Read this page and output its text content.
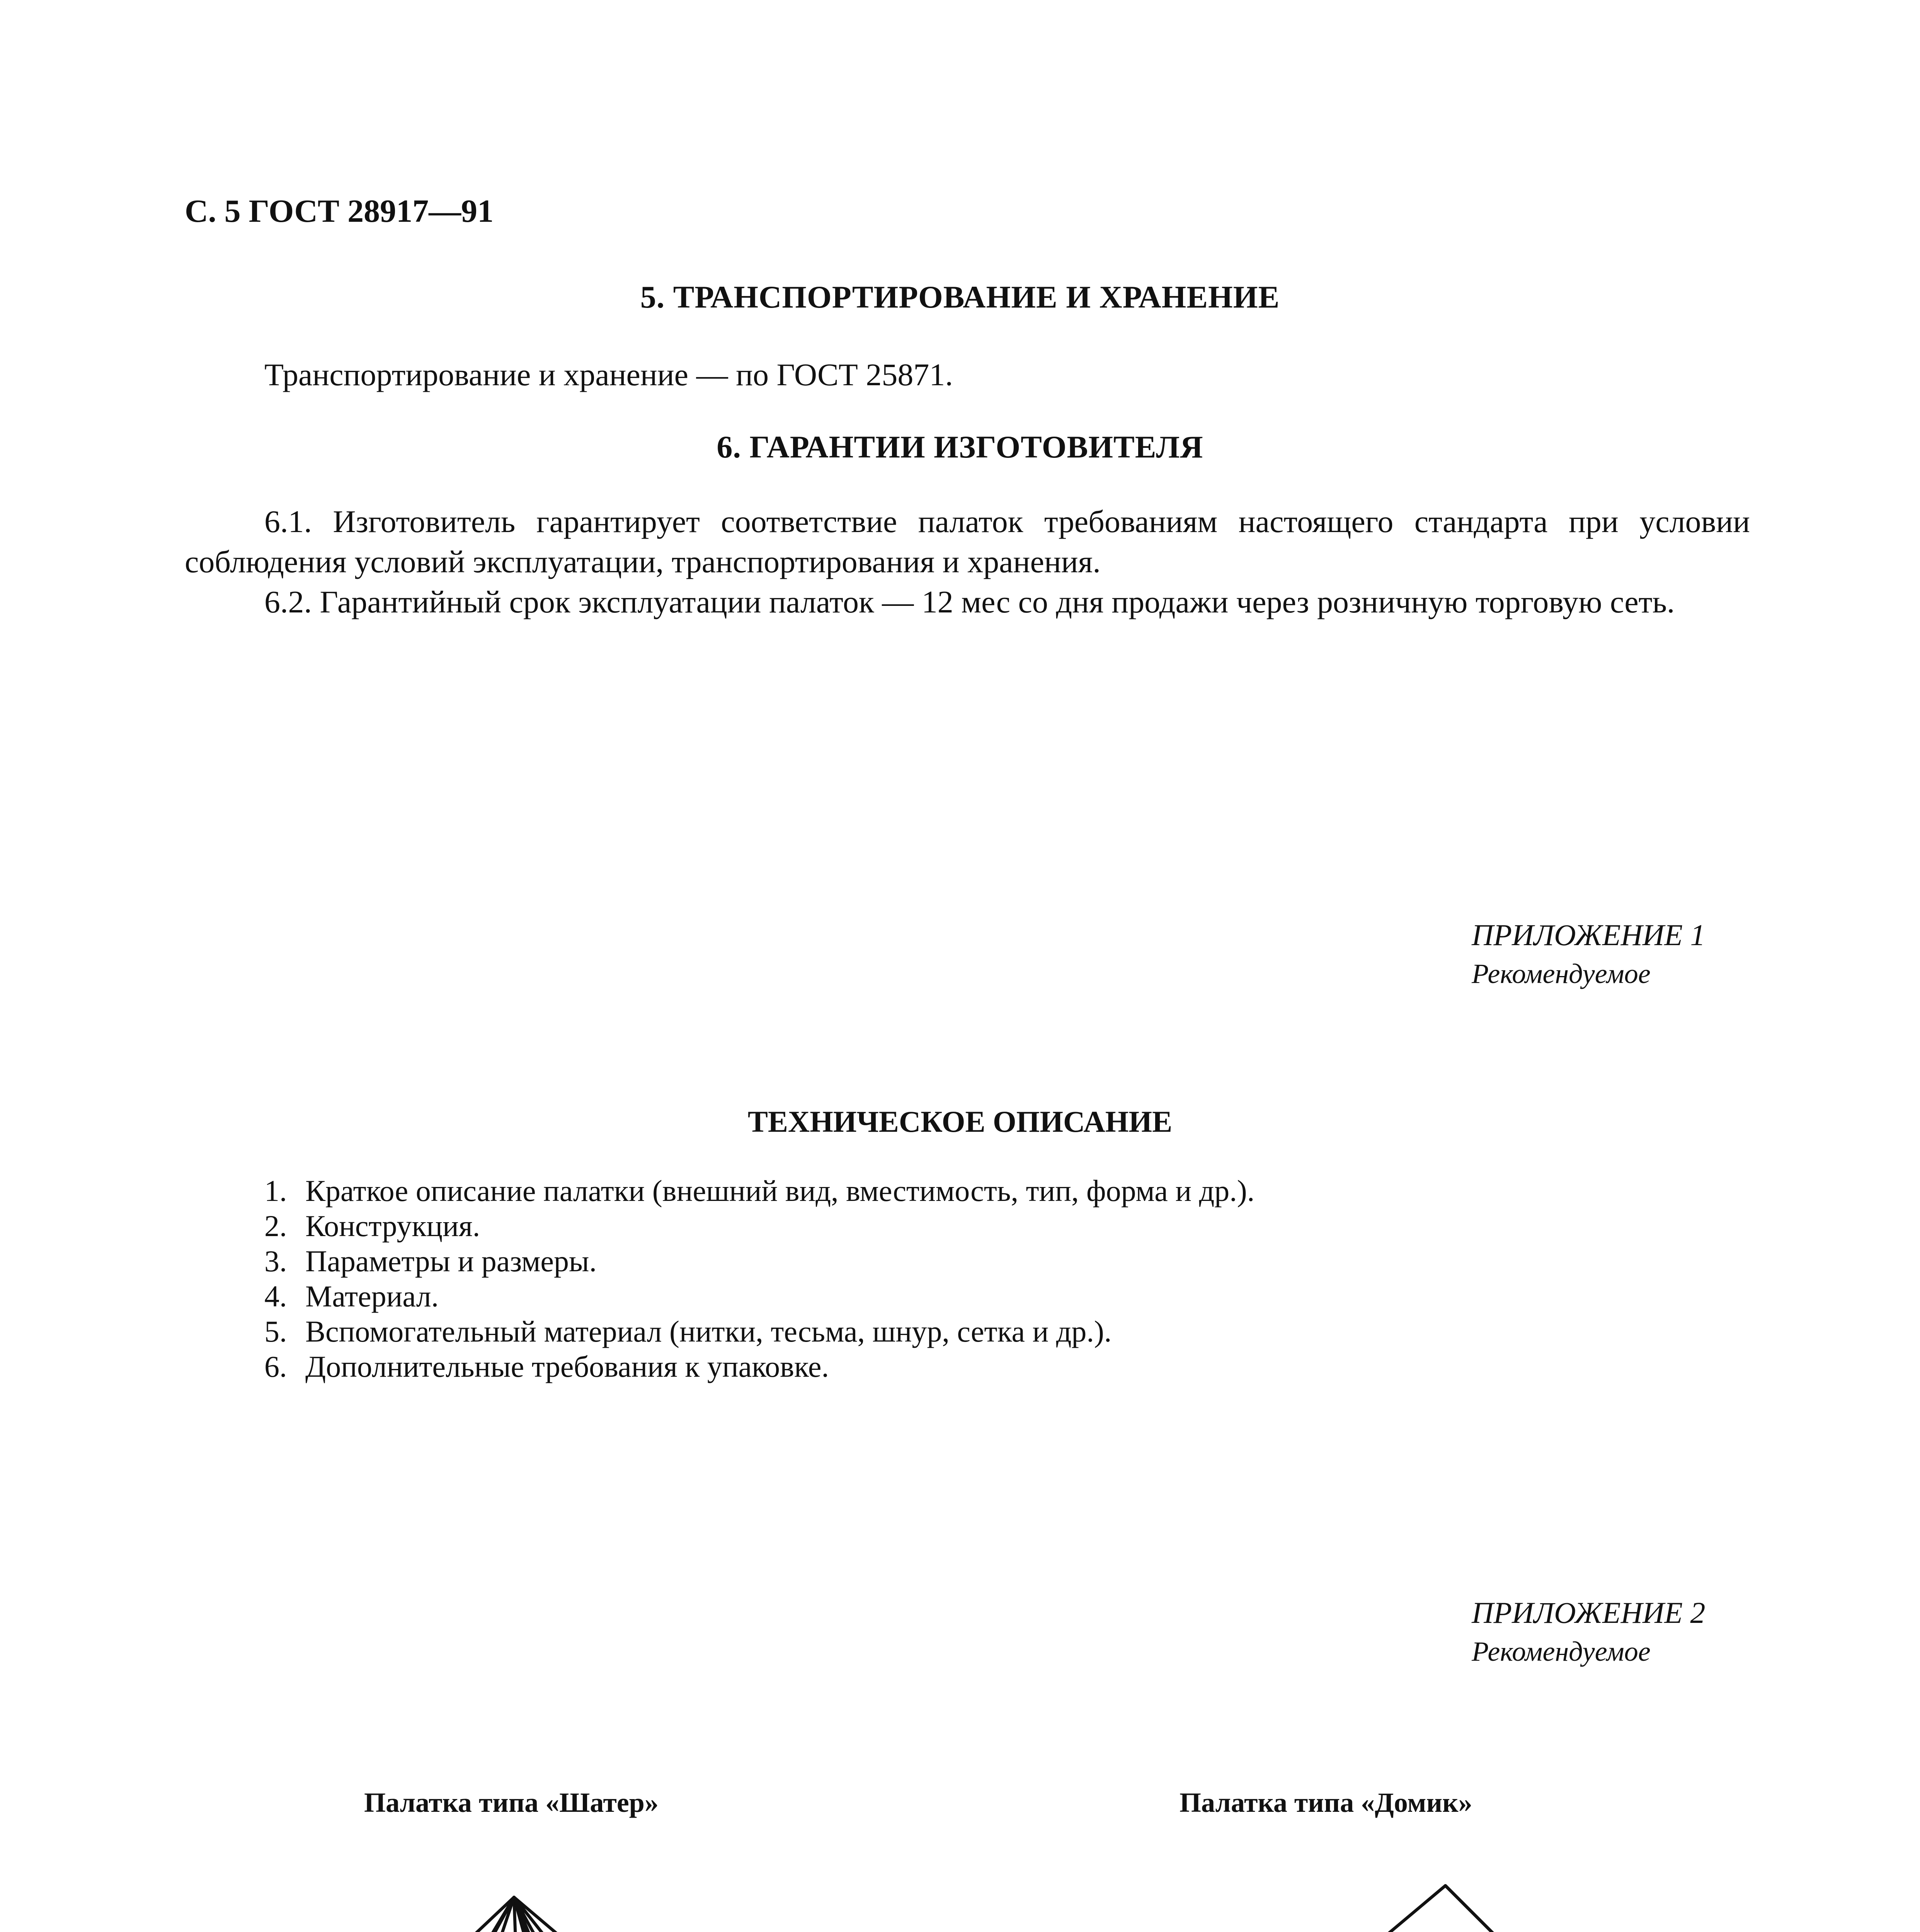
С. 5 ГОСТ 28917—91
5. ТРАНСПОРТИРОВАНИЕ И ХРАНЕНИЕ

Транспортирование и хранение — по ГОСТ 25871.

6. ГАРАНТИИ ИЗГОТОВИТЕЛЯ

6.1. Изготовитель гарантирует соответствие палаток требованиям настоящего стандарта при условии соблюдения условий эксплуатации, транспортирования и хранения.

6.2. Гарантийный срок эксплуатации палаток — 12 мес со дня продажи через розничную торговую сеть.

ПРИЛОЖЕНИЕ 1
Рекомендуемое
ТЕХНИЧЕСКОЕ ОПИСАНИЕ
1. Краткое описание палатки (внешний вид, вместимость, тип, форма и др.).
2. Конструкция.
3. Параметры и размеры.
4. Материал.
5. Вспомогательный материал (нитки, тесьма, шнур, сетка и др.).
6. Дополнительные требования к упаковке.
ПРИЛОЖЕНИЕ 2
Рекомендуемое
Палатка типа «Шатер»	Палатка типа «Домик»
